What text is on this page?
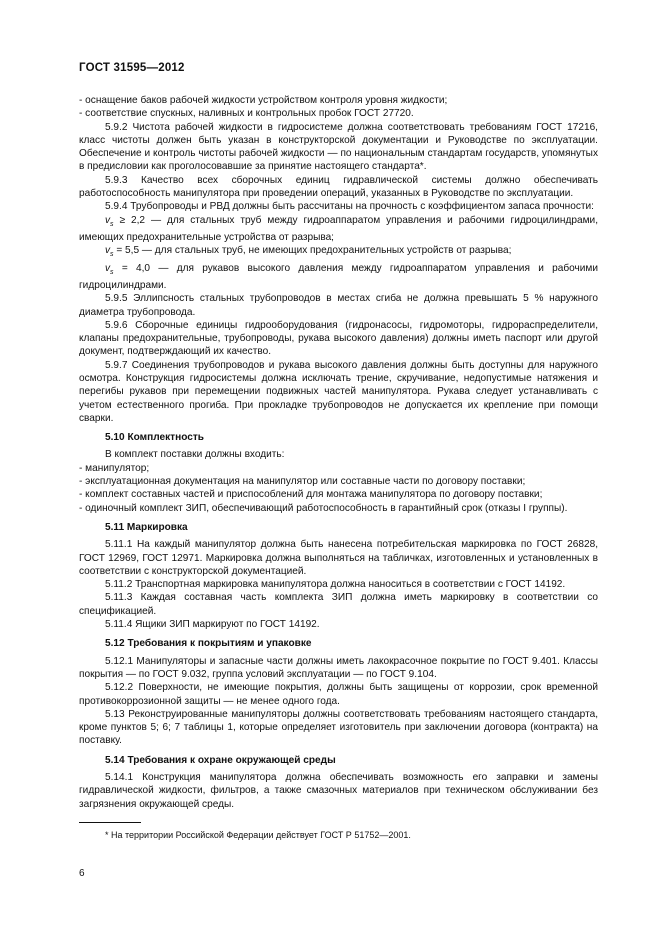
ГОСТ 31595—2012

- оснащение баков рабочей жидкости устройством контроля уровня жидкости;

- соответствие спускных, наливных и контрольных пробок ГОСТ 27720.

5.9.2 Чистота рабочей жидкости в гидросистеме должна соответствовать требованиям ГОСТ 17216, класс чистоты должен быть указан в конструкторской документации и Руководстве по эксплуатации. Обеспечение и контроль чистоты рабочей жидкости — по национальным стандартам государств, упомянутых в предисловии как проголосовавшие за принятие настоящего стандарта*.

5.9.3 Качество всех сборочных единиц гидравлической системы должно обеспечивать работоспособность манипулятора при проведении операций, указанных в Руководстве по эксплуатации.

5.9.4 Трубопроводы и РВД должны быть рассчитаны на прочность с коэффициентом запаса прочности:

$v_s \ge 2,2$ — для стальных труб между гидроаппаратом управления и рабочими гидроцилиндрами, имеющих предохранительные устройства от разрыва;

$v_s = 5,5$ — для стальных труб, не имеющих предохранительных устройств от разрыва;

$v_s = 4,0$ — для рукавов высокого давления между гидроаппаратом управления и рабочими гидроцилиндрами.

5.9.5 Эллипсность стальных трубопроводов в местах сгиба не должна превышать 5 % наружного диаметра трубопровода.

5.9.6 Сборочные единицы гидрооборудования (гидронасосы, гидромоторы, гидрораспределители, клапаны предохранительные, трубопроводы, рукава высокого давления) должны иметь паспорт или другой документ, подтверждающий их качество.

5.9.7 Соединения трубопроводов и рукава высокого давления должны быть доступны для наружного осмотра. Конструкция гидросистемы должна исключать трение, скручивание, недопустимые натяжения и перегибы рукавов при перемещении подвижных частей манипулятора. Рукава следует устанавливать с учетом естественного прогиба. При прокладке трубопроводов не допускается их крепление при помощи сварки.

5.10 Комплектность

В комплект поставки должны входить:

- манипулятор;

- эксплуатационная документация на манипулятор или составные части по договору поставки;

- комплект составных частей и приспособлений для монтажа манипулятора по договору поставки;

- одиночный комплект ЗИП, обеспечивающий работоспособность в гарантийный срок (отказы I группы).

5.11 Маркировка

5.11.1 На каждый манипулятор должна быть нанесена потребительская маркировка по ГОСТ 26828, ГОСТ 12969, ГОСТ 12971. Маркировка должна выполняться на табличках, изготовленных и установленных в соответствии с конструкторской документацией.

5.11.2 Транспортная маркировка манипулятора должна наноситься в соответствии с ГОСТ 14192.

5.11.3 Каждая составная часть комплекта ЗИП должна иметь маркировку в соответствии со спецификацией.

5.11.4 Ящики ЗИП маркируют по ГОСТ 14192.

5.12 Требования к покрытиям и упаковке

5.12.1 Манипуляторы и запасные части должны иметь лакокрасочное покрытие по ГОСТ 9.401. Классы покрытия — по ГОСТ 9.032, группа условий эксплуатации — по ГОСТ 9.104.

5.12.2 Поверхности, не имеющие покрытия, должны быть защищены от коррозии, срок временной противокоррозионной защиты — не менее одного года.

5.13 Реконструированные манипуляторы должны соответствовать требованиям настоящего стандарта, кроме пунктов 5; 6; 7 таблицы 1, которые определяет изготовитель при заключении договора (контракта) на поставку.

5.14 Требования к охране окружающей среды

5.14.1 Конструкция манипулятора должна обеспечивать возможность его заправки и замены гидравлической жидкости, фильтров, а также смазочных материалов при техническом обслуживании без загрязнения окружающей среды.

* На территории Российской Федерации действует ГОСТ Р 51752—2001.
6
